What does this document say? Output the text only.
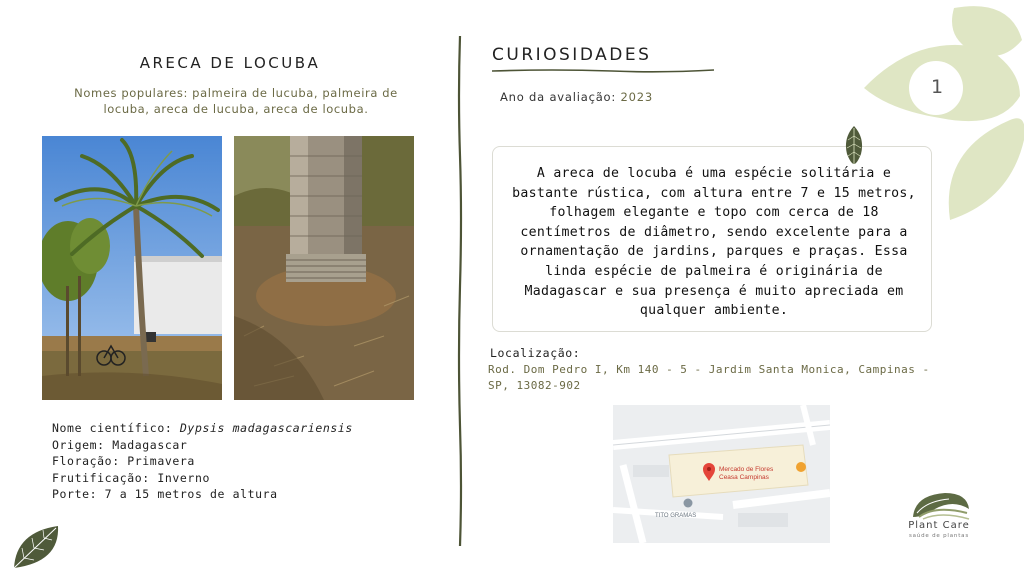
ARECA DE LOCUBA
Nomes populares: palmeira de lucuba, palmeira de locuba, areca de lucuba, areca de locuba.
Nome científico: Dypsis madagascariensis
Origem: Madagascar
Floração: Primavera
Frutificação: Inverno
Porte: 7 a 15 metros de altura
CURIOSIDADES
Ano da avaliação: 2023
A areca de locuba é uma espécie solitária e bastante rústica, com altura entre 7 e 15 metros, folhagem elegante e topo com cerca de 18 centímetros de diâmetro, sendo excelente para a ornamentação de jardins, parques e praças. Essa linda espécie de palmeira é originária de Madagascar e sua presença é muito apreciada em qualquer ambiente.
Localização:
Rod. Dom Pedro I, Km 140 - 5 - Jardim Santa Monica, Campinas - SP, 13082-902
Mercado de Flores
Ceasa Campinas
TITO GRAMAS
1
Plant Care
saúde de plantas
